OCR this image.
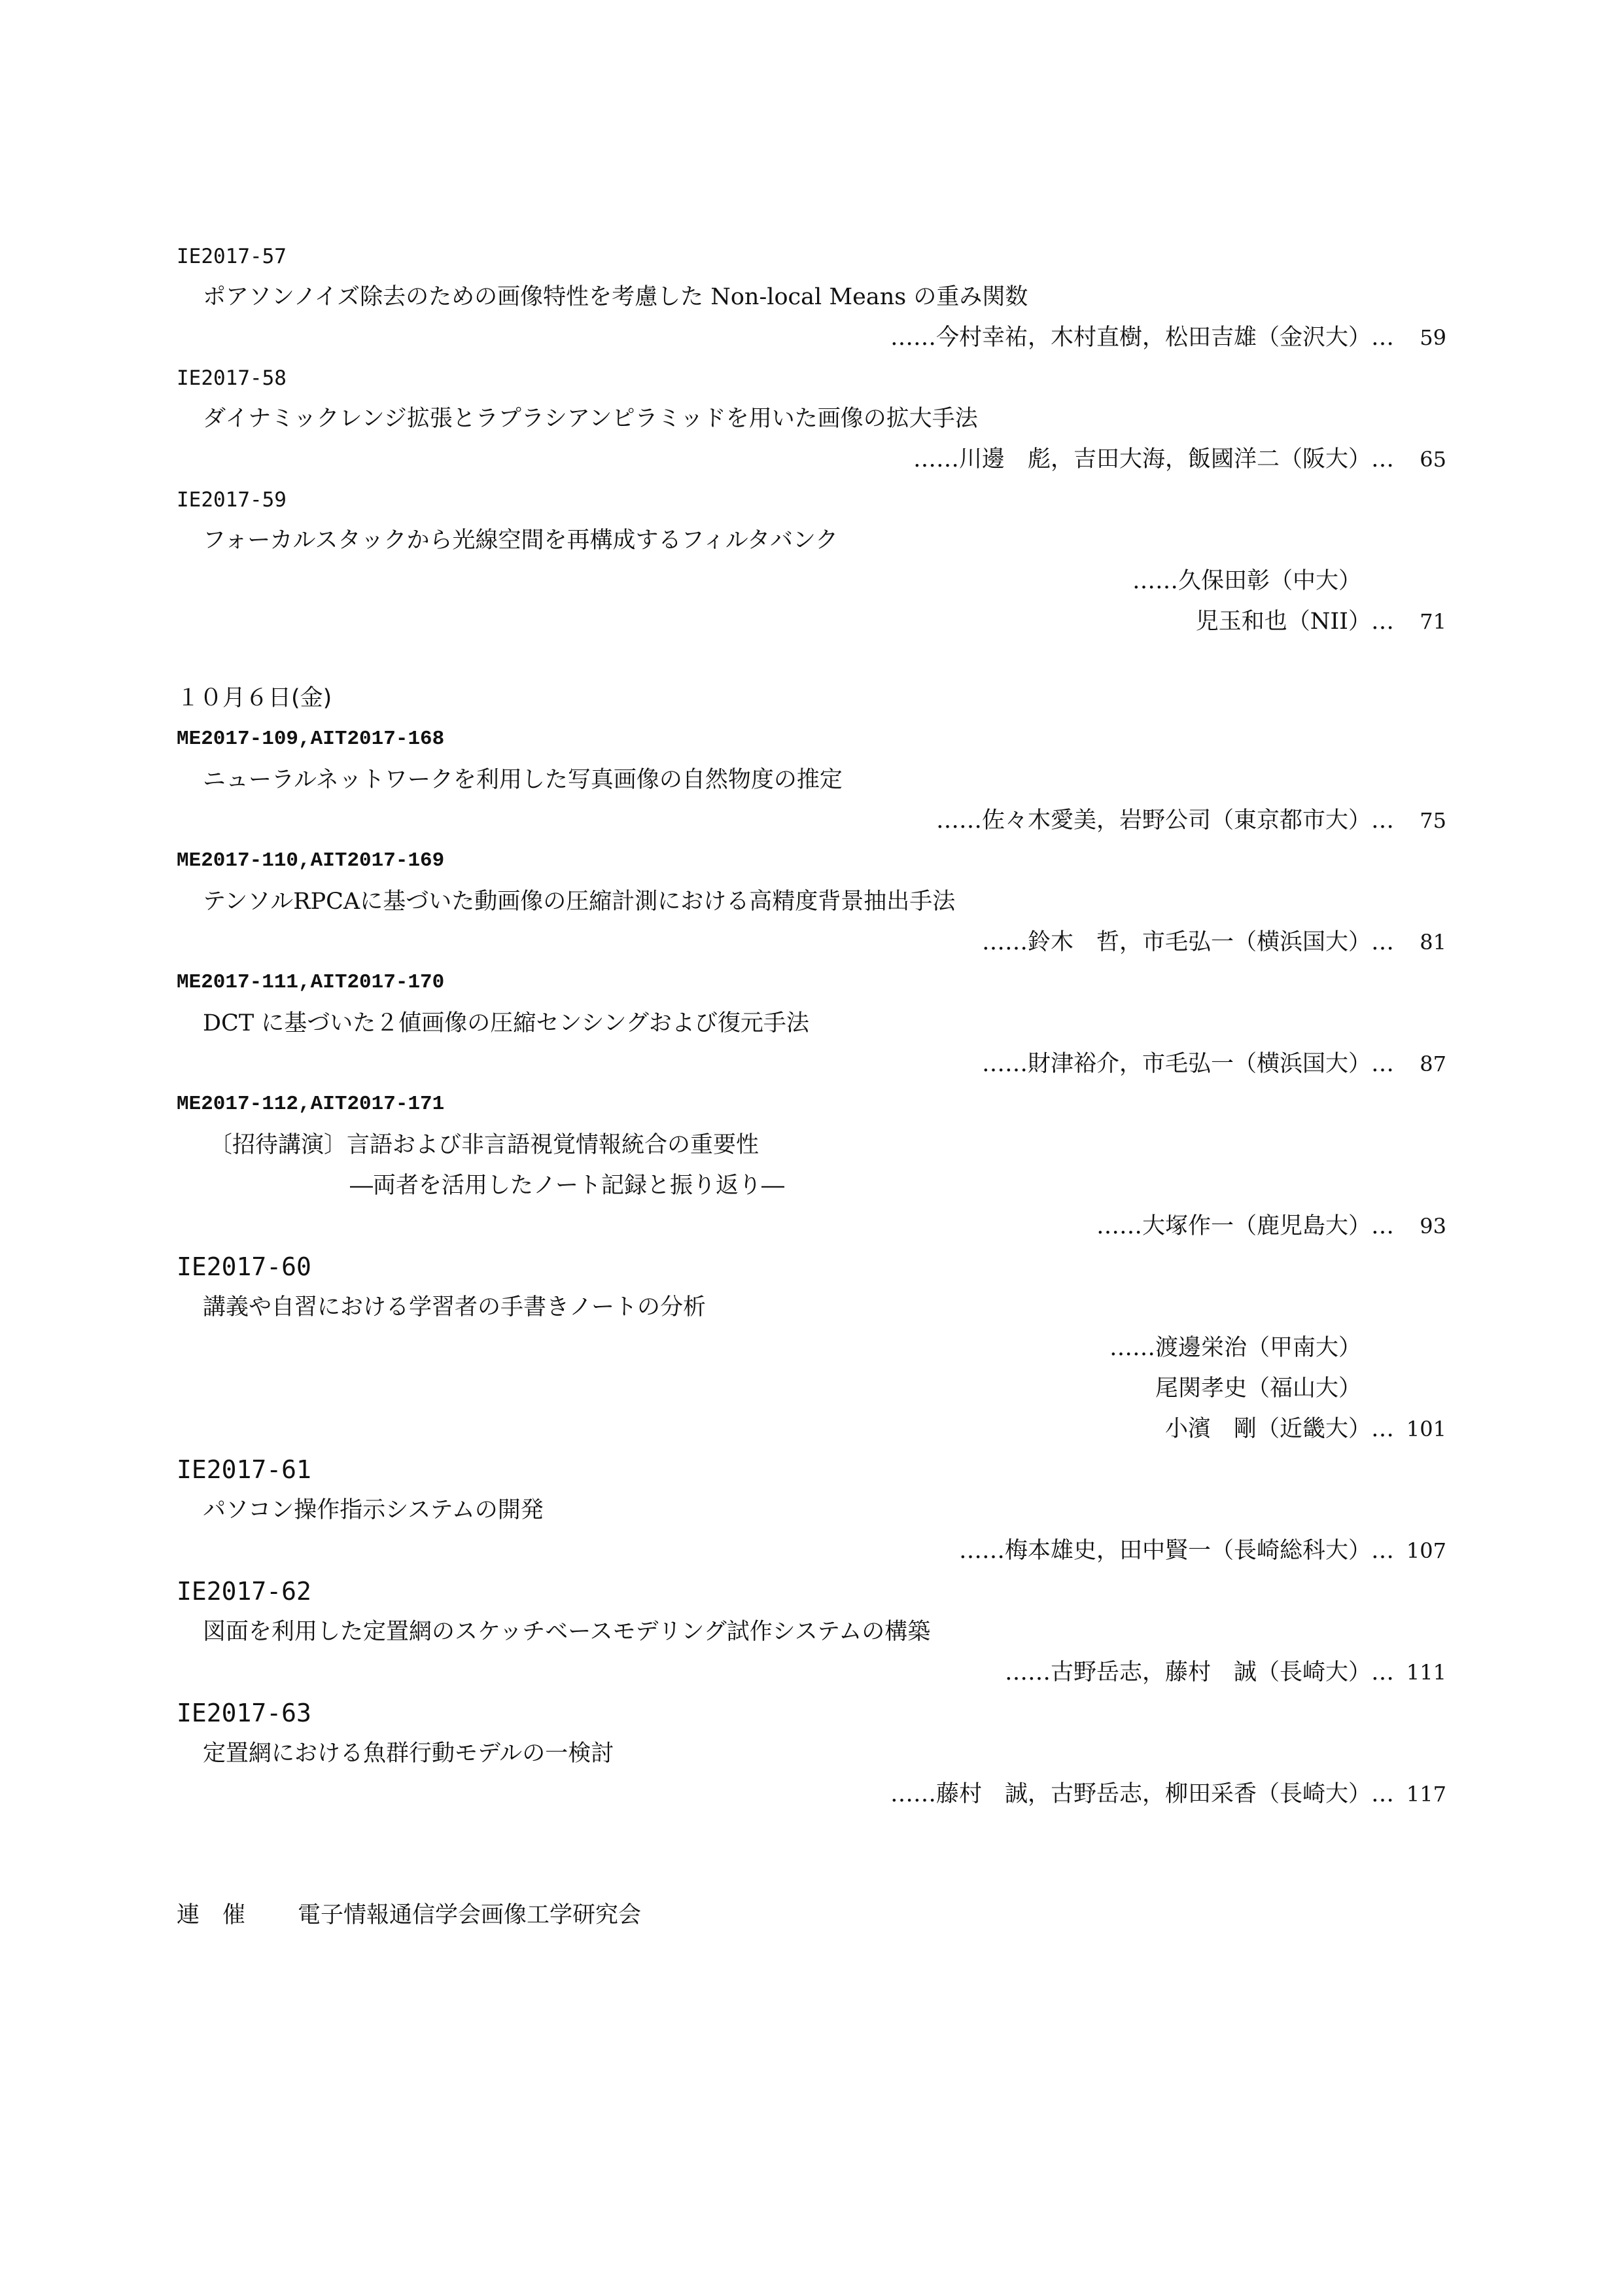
IE2017-57
ポアソンノイズ除去のための画像特性を考慮した Non-local Means の重み関数
……今村幸祐，木村直樹，松田吉雄（金沢大）…	59
IE2017-58
ダイナミックレンジ拡張とラプラシアンピラミッドを用いた画像の拡大手法
……川邊　彪，吉田大海，飯國洋二（阪大）…	65
IE2017-59
フォーカルスタックから光線空間を再構成するフィルタバンク
……久保田彰（中大）
児玉和也（NII）…	71
１０月６日(金)
ME2017-109,AIT2017-168
ニューラルネットワークを利用した写真画像の自然物度の推定
……佐々木愛美，岩野公司（東京都市大）…	75
ME2017-110,AIT2017-169
テンソルRPCAに基づいた動画像の圧縮計測における高精度背景抽出手法
……鈴木　哲，市毛弘一（横浜国大）…	81
ME2017-111,AIT2017-170
DCT に基づいた２値画像の圧縮センシングおよび復元手法
……財津裕介，市毛弘一（横浜国大）…	87
ME2017-112,AIT2017-171
〔招待講演〕言語および非言語視覚情報統合の重要性
―両者を活用したノート記録と振り返り―
……大塚作一（鹿児島大）…	93
IE2017-60
講義や自習における学習者の手書きノートの分析
……渡邊栄治（甲南大）
尾関孝史（福山大）
小濱　剛（近畿大）… 101
IE2017-61
パソコン操作指示システムの開発
……梅本雄史，田中賢一（長崎総科大）… 107
IE2017-62
図面を利用した定置網のスケッチベースモデリング試作システムの構築
……古野岳志，藤村　誠（長崎大）… 111
IE2017-63
定置網における魚群行動モデルの一検討
……藤村　誠，古野岳志，柳田采香（長崎大）… 117
連　催 電子情報通信学会画像工学研究会
